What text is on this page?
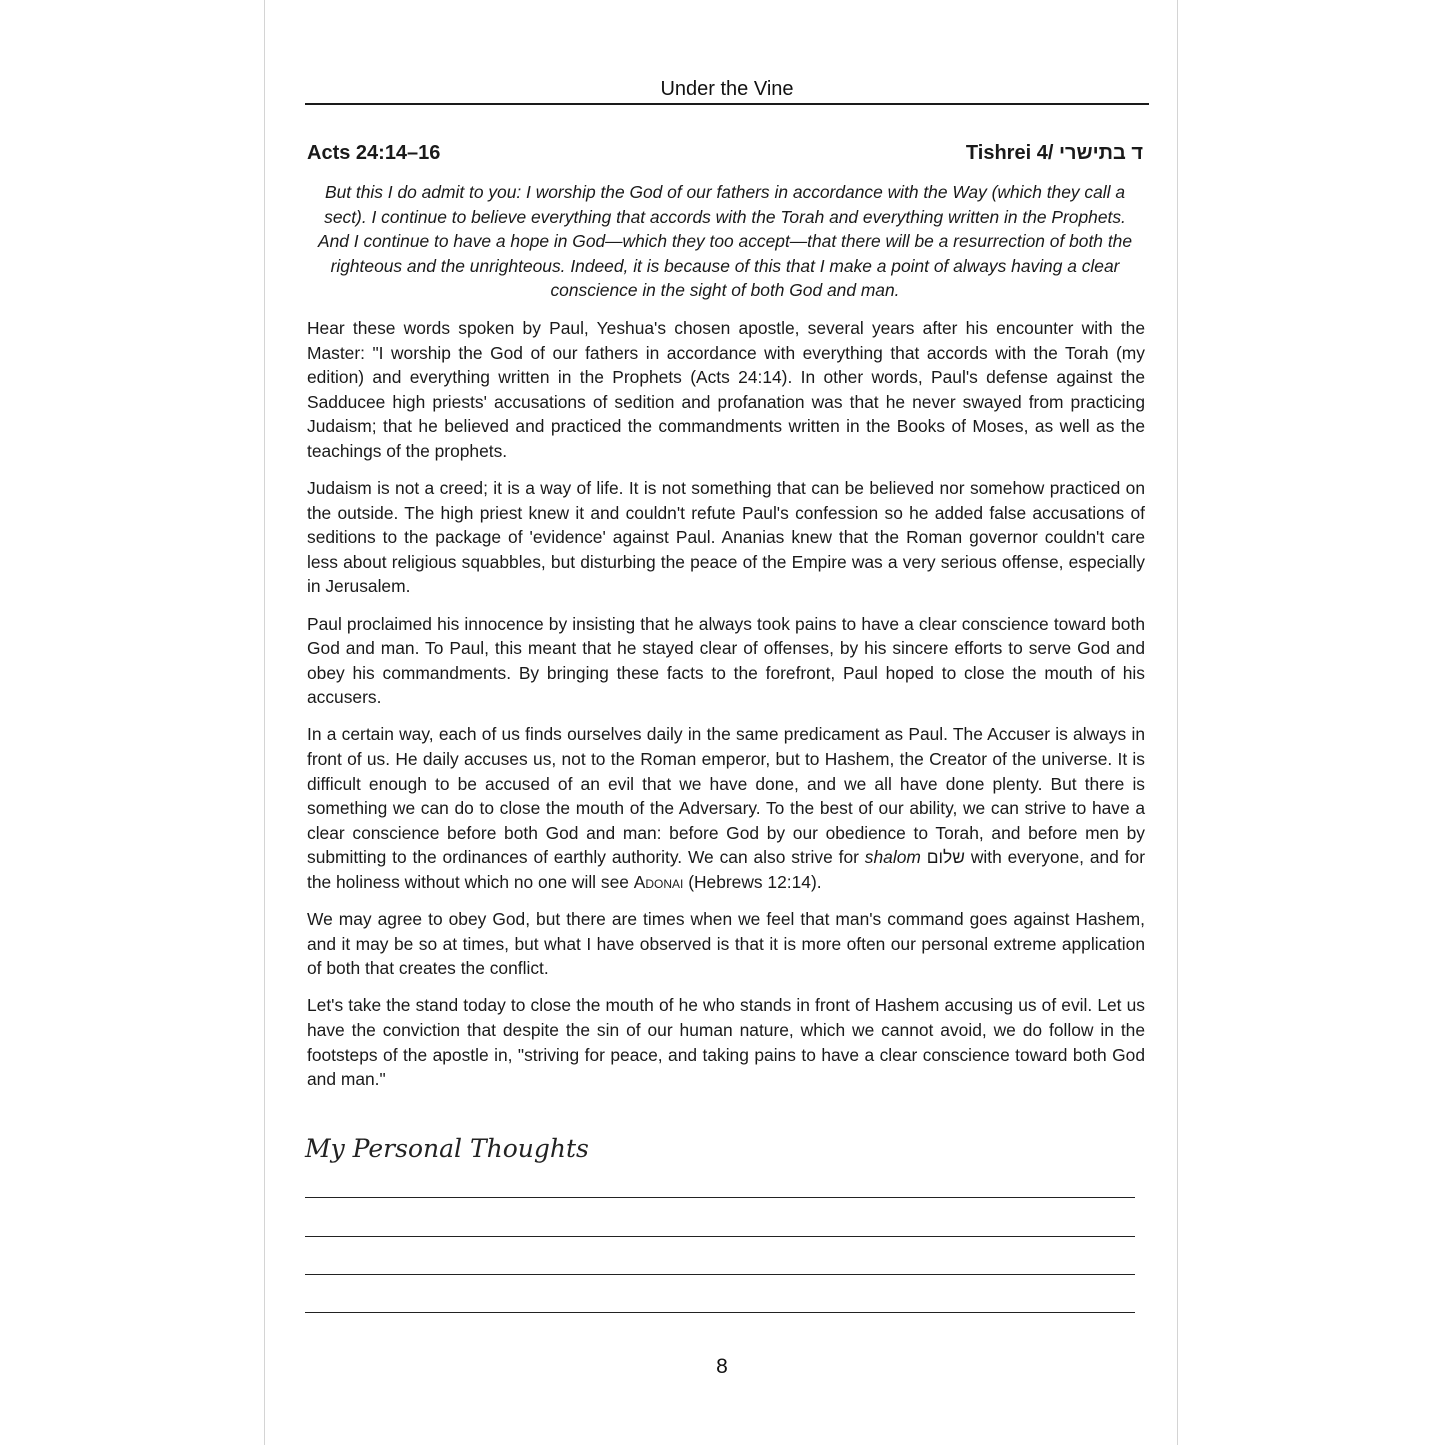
Under the Vine
Acts 24:14–16	Tishrei 4/ ד בתישרי
But this I do admit to you: I worship the God of our fathers in accordance with the Way (which they call a sect). I continue to believe everything that accords with the Torah and everything written in the Prophets. And I continue to have a hope in God—which they too accept—that there will be a resurrection of both the righteous and the unrighteous. Indeed, it is because of this that I make a point of always having a clear conscience in the sight of both God and man.

Hear these words spoken by Paul, Yeshua's chosen apostle, several years after his encounter with the Master: "I worship the God of our fathers in accordance with everything that accords with the Torah (my edition) and everything written in the Prophets (Acts 24:14). In other words, Paul's defense against the Sadducee high priests' accusations of sedition and profanation was that he never swayed from practicing Judaism; that he believed and practiced the commandments written in the Books of Moses, as well as the teachings of the prophets.

Judaism is not a creed; it is a way of life. It is not something that can be believed nor somehow practiced on the outside. The high priest knew it and couldn't refute Paul's confession so he added false accusations of seditions to the package of 'evidence' against Paul. Ananias knew that the Roman governor couldn't care less about religious squabbles, but disturbing the peace of the Empire was a very serious offense, especially in Jerusalem.

Paul proclaimed his innocence by insisting that he always took pains to have a clear conscience toward both God and man. To Paul, this meant that he stayed clear of offenses, by his sincere efforts to serve God and obey his commandments. By bringing these facts to the forefront, Paul hoped to close the mouth of his accusers.

In a certain way, each of us finds ourselves daily in the same predicament as Paul. The Accuser is always in front of us. He daily accuses us, not to the Roman emperor, but to Hashem, the Creator of the universe. It is difficult enough to be accused of an evil that we have done, and we all have done plenty. But there is something we can do to close the mouth of the Adversary. To the best of our ability, we can strive to have a clear conscience before both God and man: before God by our obedience to Torah, and before men by submitting to the ordinances of earthly authority. We can also strive for shalom שלום with everyone, and for the holiness without which no one will see Adonai (Hebrews 12:14).

We may agree to obey God, but there are times when we feel that man's command goes against Hashem, and it may be so at times, but what I have observed is that it is more often our personal extreme application of both that creates the conflict.

Let's take the stand today to close the mouth of he who stands in front of Hashem accusing us of evil. Let us have the conviction that despite the sin of our human nature, which we cannot avoid, we do follow in the footsteps of the apostle in, "striving for peace, and taking pains to have a clear conscience toward both God and man."

My Personal Thoughts
8
